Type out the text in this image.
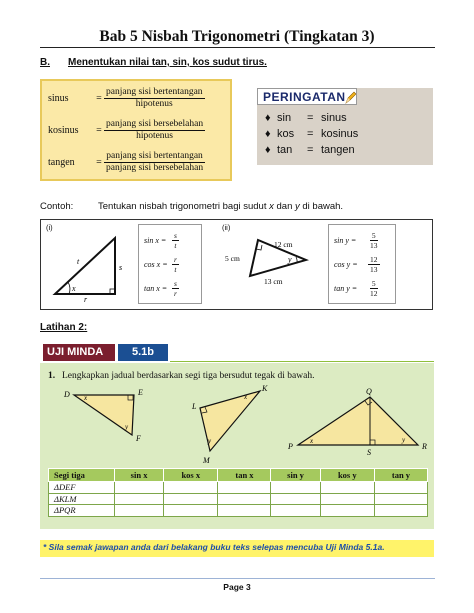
Bab 5 Nisbah Trigonometri (Tingkatan 3)
B. Menentukan nilai tan, sin, kos sudut tirus.
sinus	= $\frac{\text{panjang sisi bertentangan}}{\text{hipotenus}}$
kosinus	= $\frac{\text{panjang sisi bersebelahan}}{\text{hipotenus}}$
tangen	= $\frac{\text{panjang sisi bertentangan}}{\text{panjang sisi bersebelahan}}$
PERINGATAN
♦ sin	= sinus
♦ kos	= kosinus
♦ tan	= tangen
Contoh:	Tentukan nisbah trigonometri bagi sudut x dan y di bawah.
(i)
t
s
r
x
$\sin x = \frac{s}{t}$
$\cos x = \frac{r}{t}$
$\tan x = \frac{s}{r}$
(ii)
5 cm
12 cm
13 cm
y
sin y =	$\frac{5}{13}$
cos y =	$\frac{12}{13}$
tan y =	$\frac{5}{12}$
Latihan 2:
UJI MINDA	5.1b
1. Lengkapkan jadual berdasarkan segi tiga bersudut tegak di bawah.
D	E
F
x
y
L
K
M
x
y
P
Q
R
S
x	y
Segi tiga	sin x	kos x	tan x	sin y	kos y	tan y
ΔDEF						
ΔKLM						
ΔPQR						
* Sila semak jawapan anda dari belakang buku teks selepas mencuba Uji Minda 5.1a.
Page 3
